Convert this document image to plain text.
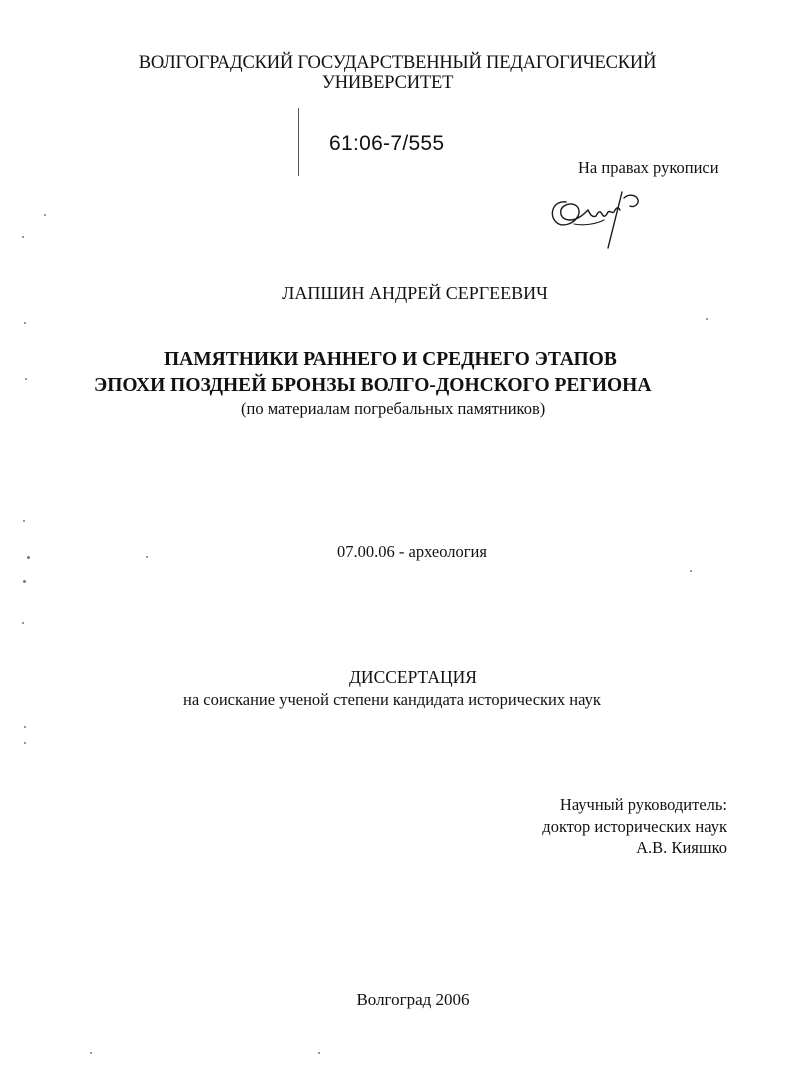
ВОЛГОГРАДСКИЙ ГОСУДАРСТВЕННЫЙ ПЕДАГОГИЧЕСКИЙ
УНИВЕРСИТЕТ
61:06-7/555
На правах рукописи
ЛАПШИН АНДРЕЙ СЕРГЕЕВИЧ
ПАМЯТНИКИ РАННЕГО И СРЕДНЕГО ЭТАПОВ
ЭПОХИ ПОЗДНЕЙ БРОНЗЫ ВОЛГО-ДОНСКОГО РЕГИОНА
(по материалам погребальных памятников)
07.00.06 - археология
ДИССЕРТАЦИЯ
на соискание ученой степени кандидата исторических наук
Научный руководитель:
доктор исторических наук
А.В. Кияшко
Волгоград 2006
